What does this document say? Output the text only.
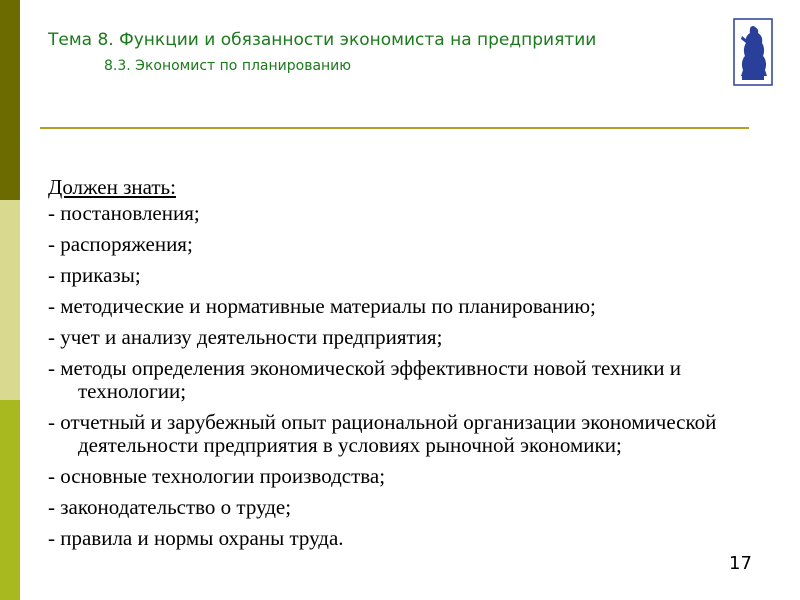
Тема 8. Функции и обязанности экономиста на предприятии
8.3. Экономист по планированию
Должен знать:
- постановления;
- распоряжения;
- приказы;
- методические и нормативные материалы по планированию;
- учет и анализу деятельности предприятия;
- методы определения экономической эффективности новой техники и технологии;
- отчетный и зарубежный опыт рациональной организации экономической деятельности предприятия в условиях рыночной экономики;
- основные технологии производства;
- законодательство о труде;
- правила и нормы охраны труда.
17
